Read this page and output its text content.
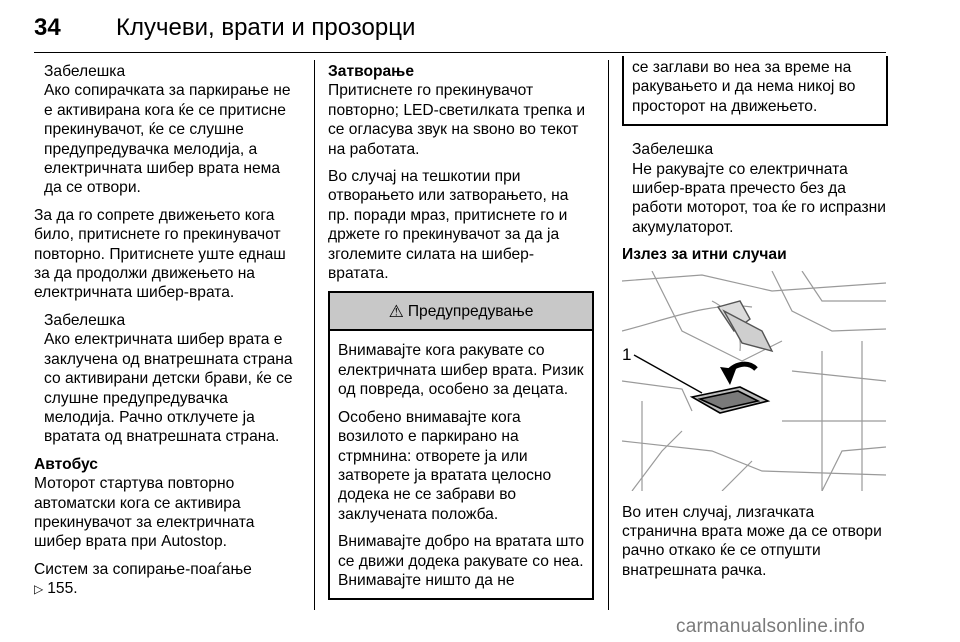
34 Клучеви, врати и прозорци
Забелешка
Ако сопирачката за паркирање не е активирана кога ќе се притисне прекинувачот, ќе се слушне предупредувачка мелодија, а електричната шибер врата нема да се отвори.

За да го сопрете движењето кога било, притиснете го прекинувачот повторно. Притиснете уште еднаш за да продолжи движењето на електричната шибер-врата.

Забелешка
Ако електричната шибер врата е заклучена од внатрешната страна со активирани детски брави, ќе се слушне предупредувачка мелодија. Рачно отклучете ја вратата од внатрешната страна.

Автобус
Моторот стартува повторно автоматски кога се активира прекинувачот за електричната шибер врата при Autostop.

Систем за сопирање-поаѓање
▷ 155.

Затворање
Притиснете го прекинувачот повторно; LED-светилката трепка и се огласува звук на ѕвоно во текот на работата.

Во случај на тешкотии при отворањето или затворањето, на пр. поради мраз, притиснете го и држете го прекинувачот за да ја зголемите силата на шибер-вратата.

⚠ Предупредување

Внимавајте кога ракувате со електричната шибер врата. Ризик од повреда, особено за децата.

Особено внимавајте кога возилото е паркирано на стрмнина: отворете ја или затворете ја вратата целосно додека не се забрави во заклучената положба.

Внимавајте добро на вратата што се движи додека ракувате со неа. Внимавајте ништо да не

се заглави во неа за време на ракувањето и да нема никој во просторот на движењето.
Забелешка
Не ракувајте со електричната шибер-врата пречесто без да работи моторот, тоа ќе го испразни акумулаторот.
Излез за итни случаи
1

Во итен случај, лизгачката странична врата може да се отвори рачно откако ќе се отпушти внатрешната рачка.

carmanualsonline.info
